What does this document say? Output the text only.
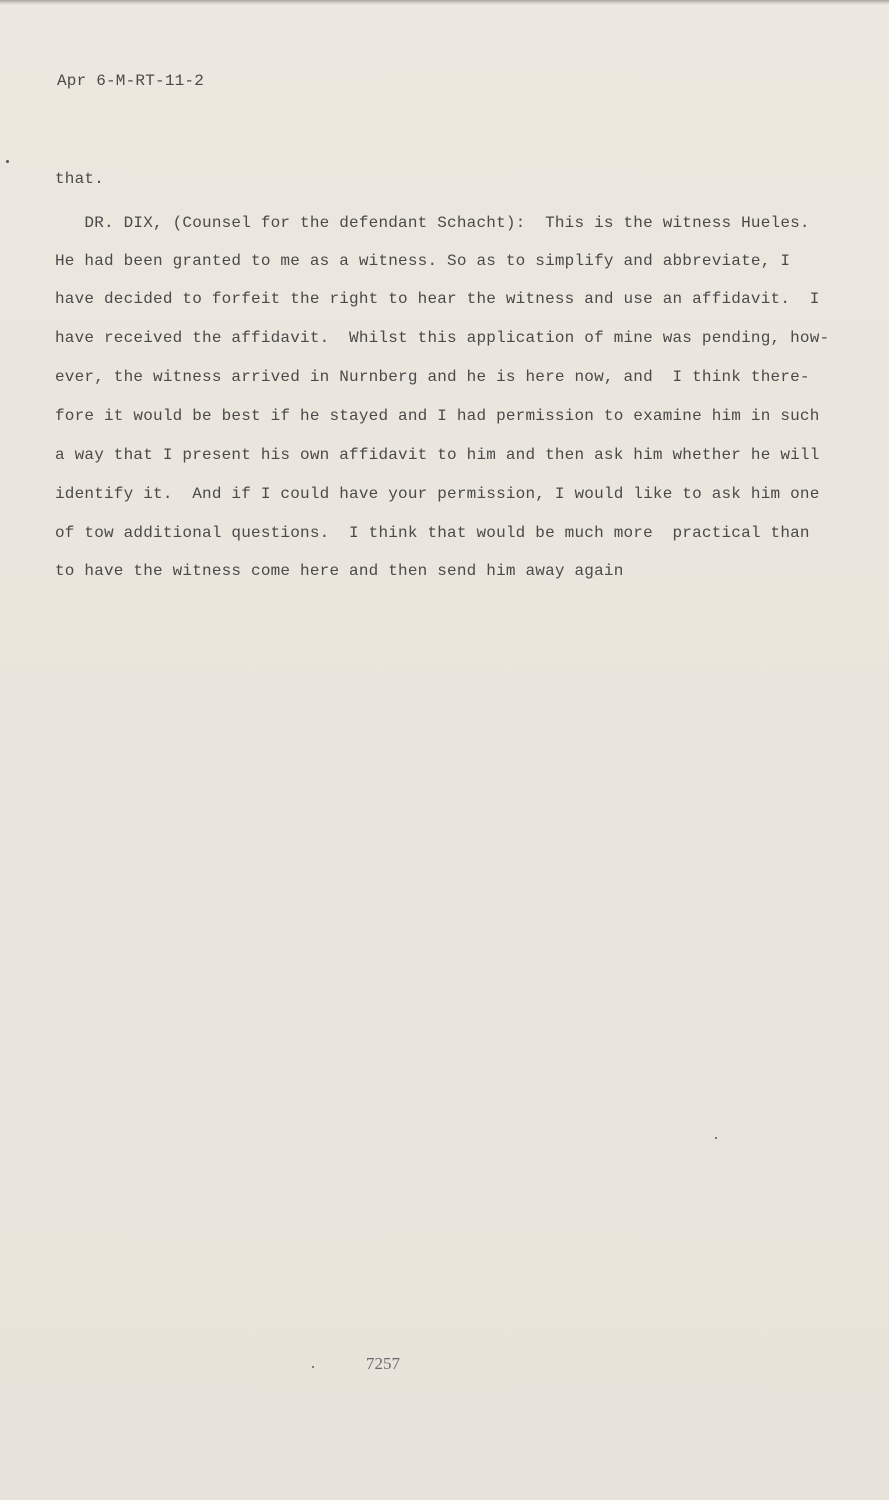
Apr 6-M-RT-11-2

that.

DR. DIX, (Counsel for the defendant Schacht):  This is the witness Hueles.

He had been granted to me as a witness. So as to simplify and abbreviate, I

have decided to forfeit the right to hear the witness and use an affidavit.  I

have received the affidavit.  Whilst this application of mine was pending, how-

ever, the witness arrived in Nurnberg and he is here now, and  I think there-

fore it would be best if he stayed and I had permission to examine him in such

a way that I present his own affidavit to him and then ask him whether he will

identify it.  And if I could have your permission, I would like to ask him one

of tow additional questions.  I think that would be much more  practical than

to have the witness come here and then send him away again

7257
